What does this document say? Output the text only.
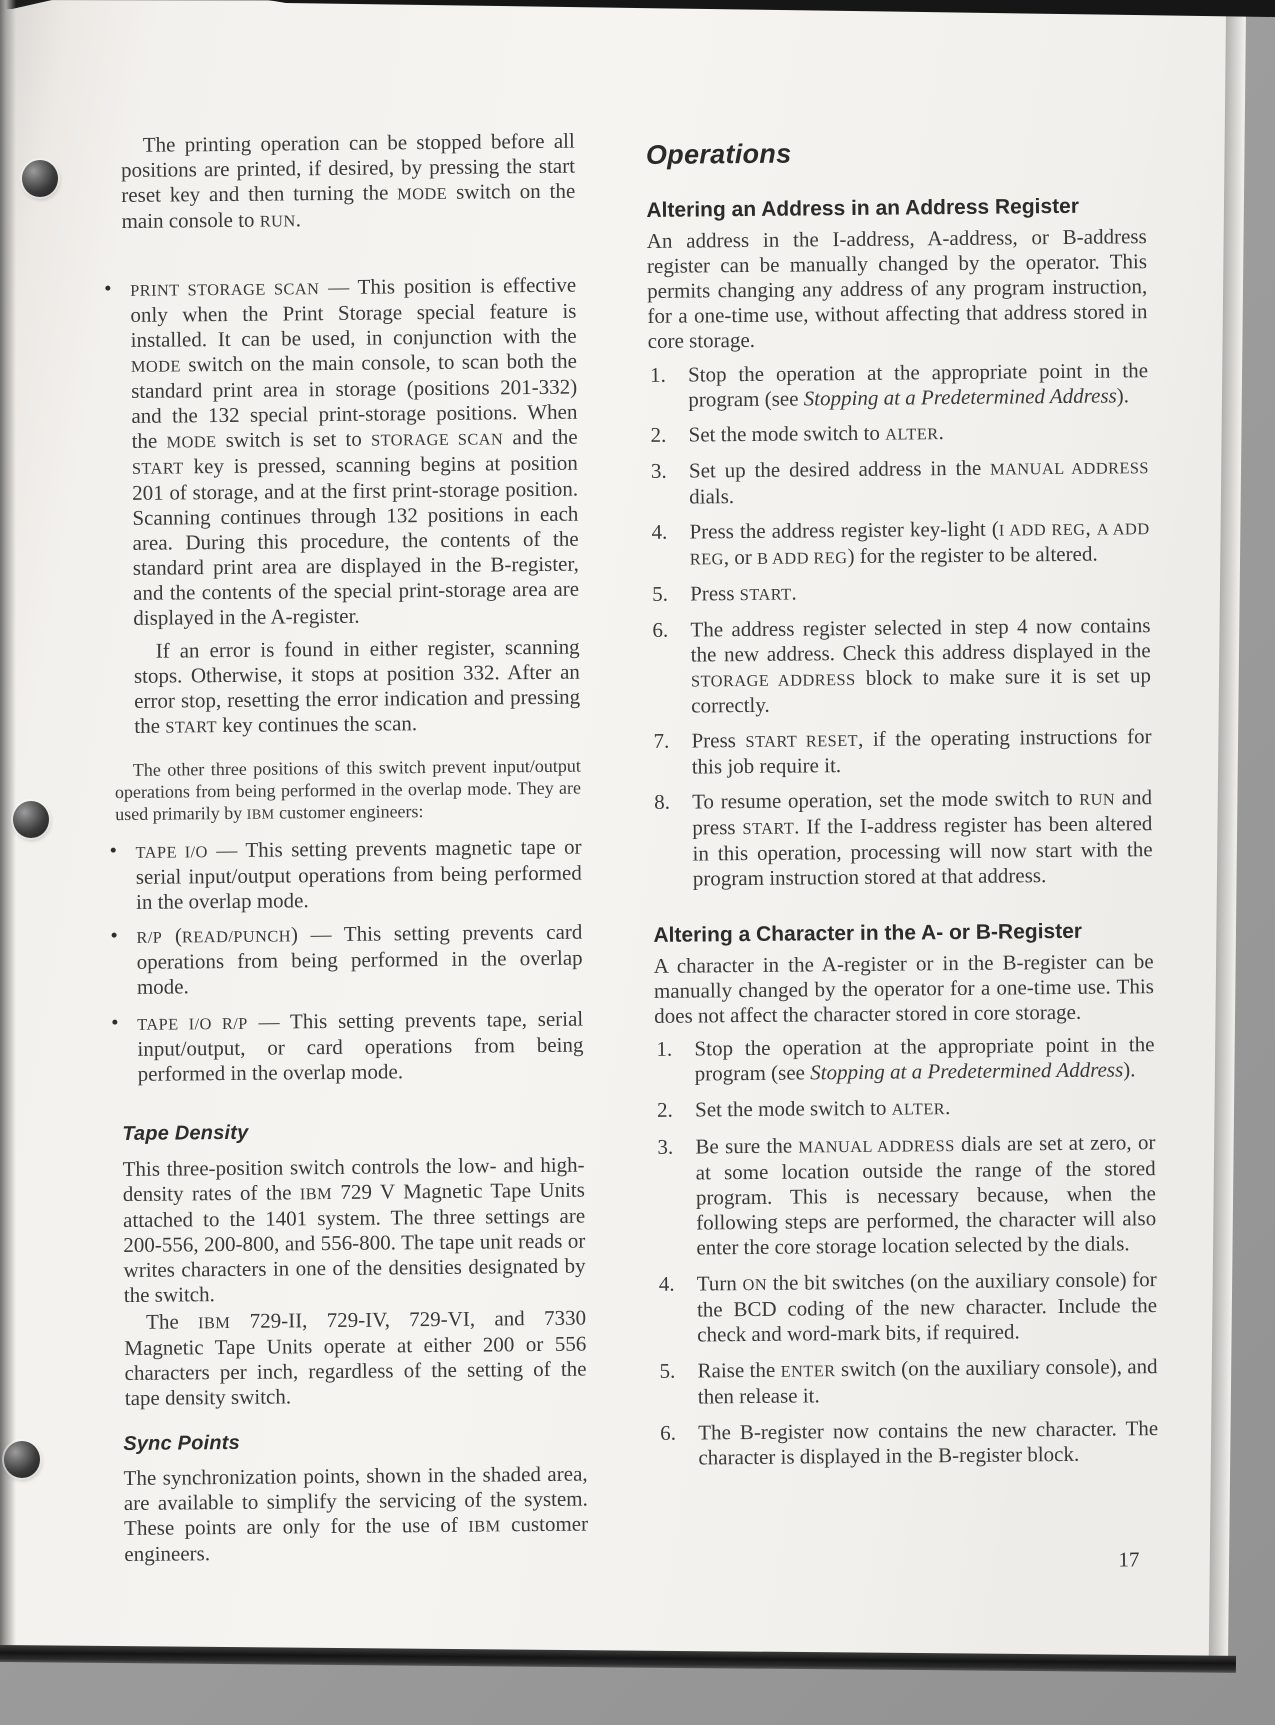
The printing operation can be stopped before all positions are printed, if desired, by pressing the start reset key and then turning the MODE switch on the main console to RUN.
• PRINT STORAGE SCAN — This position is effective only when the Print Storage special feature is installed. It can be used, in conjunction with the MODE switch on the main console, to scan both the standard print area in storage (positions 201-332) and the 132 special print-storage positions. When the MODE switch is set to STORAGE SCAN and the START key is pressed, scanning begins at position 201 of storage, and at the first print-storage position. Scanning continues through 132 positions in each area. During this procedure, the contents of the standard print area are displayed in the B-register, and the contents of the special print-storage area are displayed in the A-register.
If an error is found in either register, scanning stops. Otherwise, it stops at position 332. After an error stop, resetting the error indication and pressing the START key continues the scan.
The other three positions of this switch prevent input/output operations from being performed in the overlap mode. They are used primarily by IBM customer engineers:
• TAPE I/O — This setting prevents magnetic tape or serial input/output operations from being performed in the overlap mode.
• R/P (READ/PUNCH) — This setting prevents card operations from being performed in the overlap mode.
• TAPE I/O R/P — This setting prevents tape, serial input/output, or card operations from being performed in the overlap mode.
Tape Density
This three-position switch controls the low- and high-density rates of the IBM 729 V Magnetic Tape Units attached to the 1401 system. The three settings are 200-556, 200-800, and 556-800. The tape unit reads or writes characters in one of the densities designated by the switch.
The IBM 729-II, 729-IV, 729-VI, and 7330 Magnetic Tape Units operate at either 200 or 556 characters per inch, regardless of the setting of the tape density switch.
Sync Points
The synchronization points, shown in the shaded area, are available to simplify the servicing of the system. These points are only for the use of IBM customer engineers.
Operations
Altering an Address in an Address Register
An address in the I-address, A-address, or B-address register can be manually changed by the operator. This permits changing any address of any program instruction, for a one-time use, without affecting that address stored in core storage.
1. Stop the operation at the appropriate point in the program (see Stopping at a Predetermined Address).
2. Set the mode switch to ALTER.
3. Set up the desired address in the MANUAL ADDRESS dials.
4. Press the address register key-light (I ADD REG, A ADD REG, or B ADD REG) for the register to be altered.
5. Press START.
6. The address register selected in step 4 now contains the new address. Check this address displayed in the STORAGE ADDRESS block to make sure it is set up correctly.
7. Press START RESET, if the operating instructions for this job require it.
8. To resume operation, set the mode switch to RUN and press START. If the I-address register has been altered in this operation, processing will now start with the program instruction stored at that address.
Altering a Character in the A- or B-Register
A character in the A-register or in the B-register can be manually changed by the operator for a one-time use. This does not affect the character stored in core storage.
1. Stop the operation at the appropriate point in the program (see Stopping at a Predetermined Address).
2. Set the mode switch to ALTER.
3. Be sure the MANUAL ADDRESS dials are set at zero, or at some location outside the range of the stored program. This is necessary because, when the following steps are performed, the character will also enter the core storage location selected by the dials.
4. Turn ON the bit switches (on the auxiliary console) for the BCD coding of the new character. Include the check and word-mark bits, if required.
5. Raise the ENTER switch (on the auxiliary console), and then release it.
6. The B-register now contains the new character. The character is displayed in the B-register block.
17
